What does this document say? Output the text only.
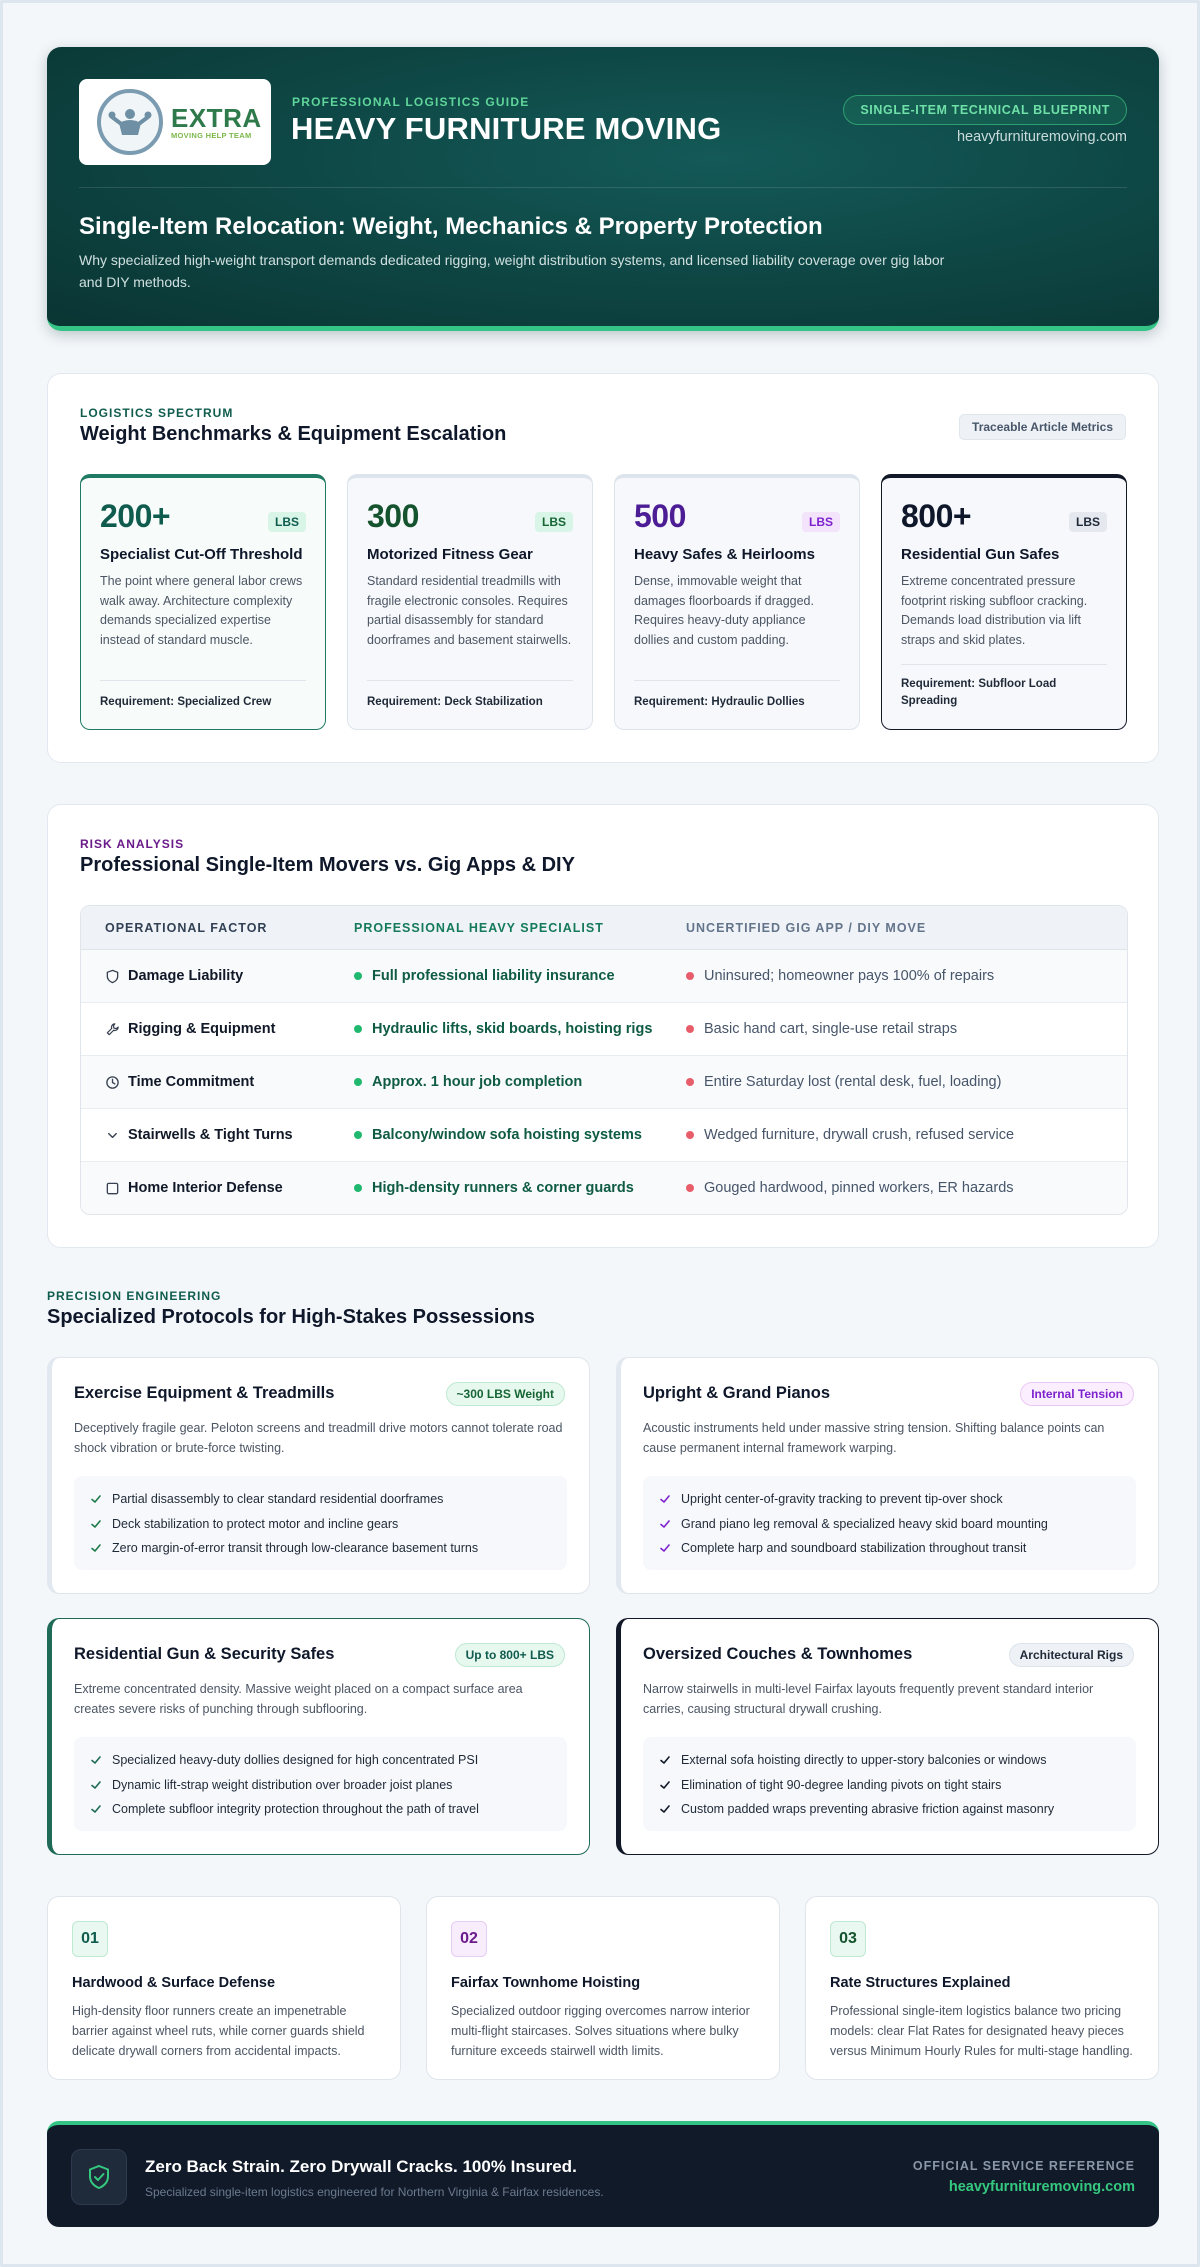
EXTRA
MOVING HELP TEAM
PROFESSIONAL LOGISTICS GUIDE
HEAVY FURNITURE MOVING
SINGLE-ITEM TECHNICAL BLUEPRINT
heavyfurnituremoving.com
Single-Item Relocation: Weight, Mechanics & Property Protection

Why specialized high-weight transport demands dedicated rigging, weight distribution systems, and licensed liability coverage over gig labor and DIY methods.

LOGISTICS SPECTRUM
Weight Benchmarks & Equipment Escalation	Traceable Article Metrics
200+	LBS
Specialist Cut-Off Threshold
The point where general labor crews walk away. Architecture complexity demands specialized expertise instead of standard muscle.
Requirement: Specialized Crew
300	LBS
Motorized Fitness Gear
Standard residential treadmills with fragile electronic consoles. Requires partial disassembly for standard doorframes and basement stairwells.
Requirement: Deck Stabilization
500	LBS
Heavy Safes & Heirlooms
Dense, immovable weight that damages floorboards if dragged. Requires heavy-duty appliance dollies and custom padding.
Requirement: Hydraulic Dollies
800+	LBS
Residential Gun Safes
Extreme concentrated pressure footprint risking subfloor cracking. Demands load distribution via lift straps and skid plates.
Requirement: Subfloor Load Spreading
RISK ANALYSIS
Professional Single-Item Movers vs. Gig Apps & DIY
OPERATIONAL FACTOR	PROFESSIONAL HEAVY SPECIALIST	UNCERTIFIED GIG APP / DIY MOVE
Damage Liability	Full professional liability insurance	Uninsured; homeowner pays 100% of repairs
Rigging & Equipment	Hydraulic lifts, skid boards, hoisting rigs	Basic hand cart, single-use retail straps
Time Commitment	Approx. 1 hour job completion	Entire Saturday lost (rental desk, fuel, loading)
Stairwells & Tight Turns	Balcony/window sofa hoisting systems	Wedged furniture, drywall crush, refused service
Home Interior Defense	High-density runners & corner guards	Gouged hardwood, pinned workers, ER hazards
PRECISION ENGINEERING
Specialized Protocols for High-Stakes Possessions
Exercise Equipment & Treadmills	~300 LBS Weight
Deceptively fragile gear. Peloton screens and treadmill drive motors cannot tolerate road shock vibration or brute-force twisting.
Partial disassembly to clear standard residential doorframes
Deck stabilization to protect motor and incline gears
Zero margin-of-error transit through low-clearance basement turns
Upright & Grand Pianos	Internal Tension
Acoustic instruments held under massive string tension. Shifting balance points can cause permanent internal framework warping.
Upright center-of-gravity tracking to prevent tip-over shock
Grand piano leg removal & specialized heavy skid board mounting
Complete harp and soundboard stabilization throughout transit
Residential Gun & Security Safes	Up to 800+ LBS
Extreme concentrated density. Massive weight placed on a compact surface area creates severe risks of punching through subflooring.
Specialized heavy-duty dollies designed for high concentrated PSI
Dynamic lift-strap weight distribution over broader joist planes
Complete subfloor integrity protection throughout the path of travel
Oversized Couches & Townhomes	Architectural Rigs
Narrow stairwells in multi-level Fairfax layouts frequently prevent standard interior carries, causing structural drywall crushing.
External sofa hoisting directly to upper-story balconies or windows
Elimination of tight 90-degree landing pivots on tight stairs
Custom padded wraps preventing abrasive friction against masonry
01
Hardwood & Surface Defense
High-density floor runners create an impenetrable barrier against wheel ruts, while corner guards shield delicate drywall corners from accidental impacts.
02
Fairfax Townhome Hoisting
Specialized outdoor rigging overcomes narrow interior multi-flight staircases. Solves situations where bulky furniture exceeds stairwell width limits.
03
Rate Structures Explained
Professional single-item logistics balance two pricing models: clear Flat Rates for designated heavy pieces versus Minimum Hourly Rules for multi-stage handling.
Zero Back Strain. Zero Drywall Cracks. 100% Insured.
Specialized single-item logistics engineered for Northern Virginia & Fairfax residences.
OFFICIAL SERVICE REFERENCE
heavyfurnituremoving.com
